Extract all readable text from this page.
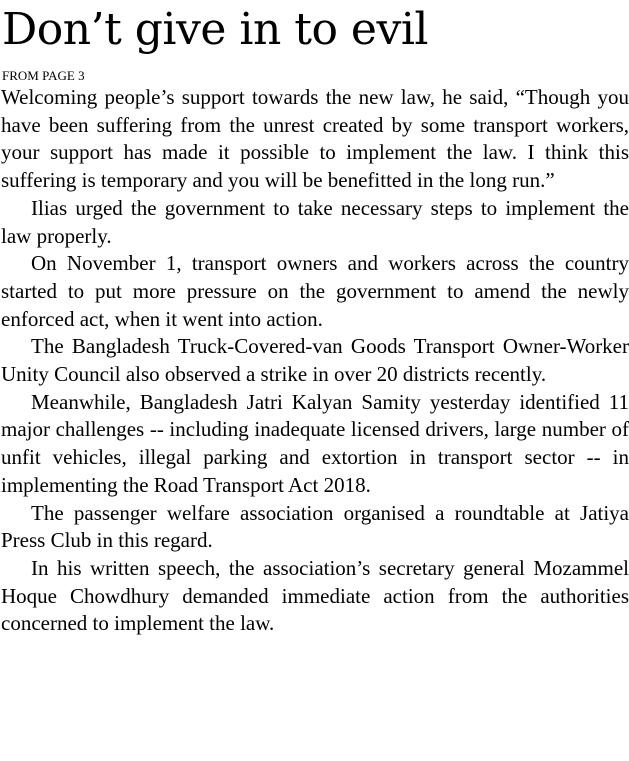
Don’t give in to evil
FROM PAGE 3

Welcoming people’s support towards the new law, he said, “Though you have been suffering from the unrest created by some transport workers, your support has made it possible to implement the law. I think this suffering is temporary and you will be benefitted in the long run.”

Ilias urged the government to take necessary steps to implement the law properly.

On November 1, transport owners and workers across the country started to put more pressure on the government to amend the newly enforced act, when it went into action.

The Bangladesh Truck-Covered-van Goods Transport Owner-Worker Unity Council also observed a strike in over 20 districts recently.

Meanwhile, Bangladesh Jatri Kalyan Samity yesterday identified 11 major challenges -- including inadequate licensed drivers, large number of unfit vehicles, illegal parking and extortion in transport sector -- in implementing the Road Transport Act 2018.

The passenger welfare association organised a roundtable at Jatiya Press Club in this regard.

In his written speech, the association’s secretary general Mozammel Hoque Chowdhury demanded immediate action from the authorities concerned to implement the law.
